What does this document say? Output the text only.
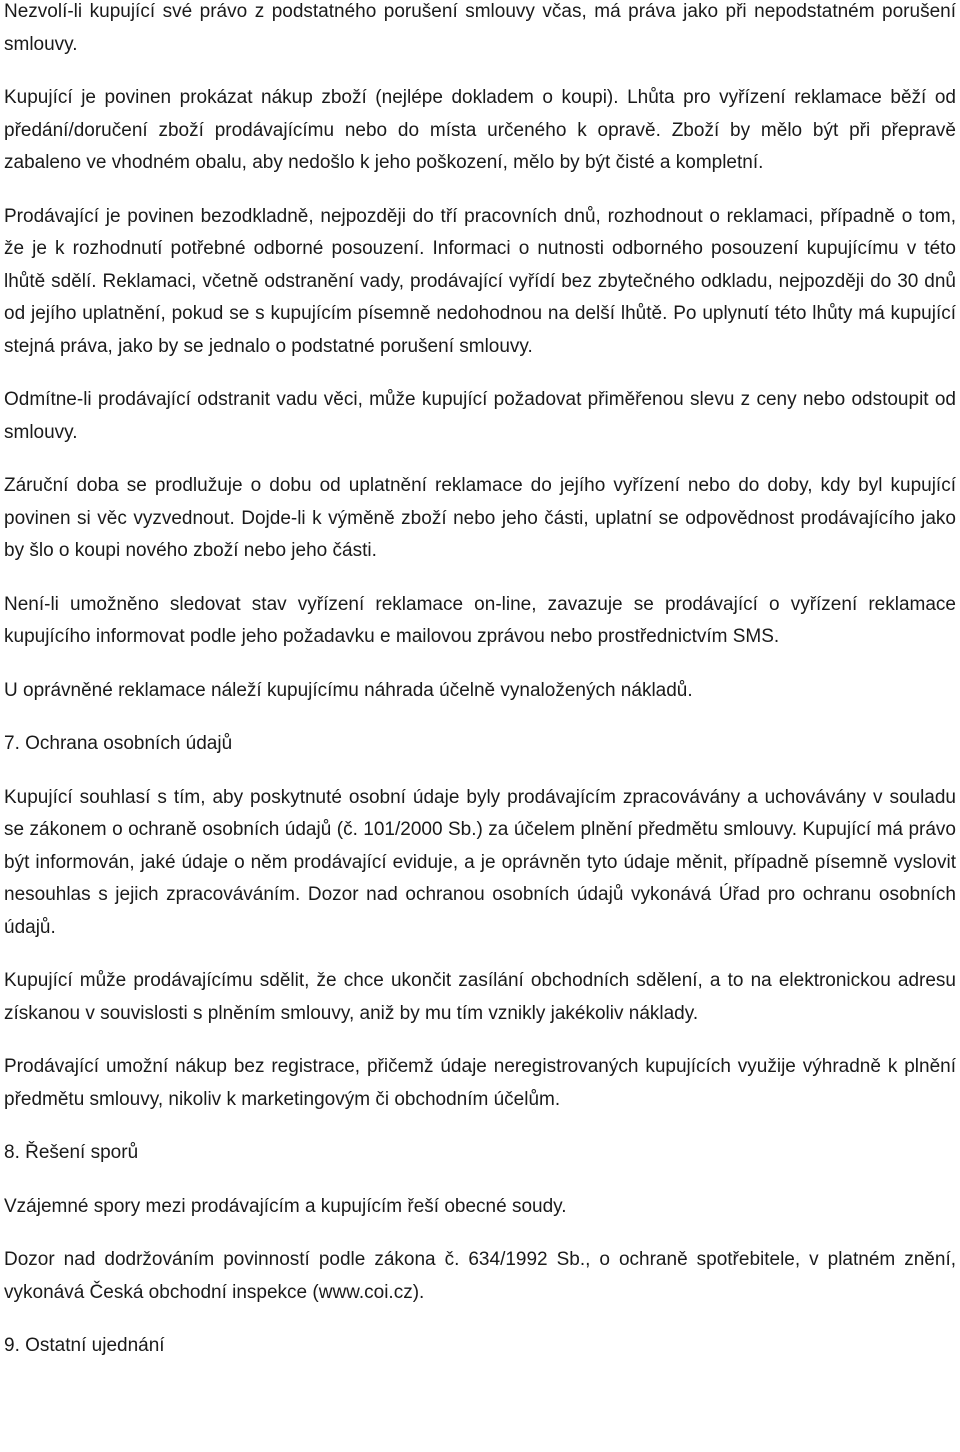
Nezvolí-li kupující své právo z podstatného porušení smlouvy včas, má práva jako při nepodstatném porušení smlouvy.

Kupující je povinen prokázat nákup zboží (nejlépe dokladem o koupi). Lhůta pro vyřízení reklamace běží od předání/doručení zboží prodávajícímu nebo do místa určeného k opravě. Zboží by mělo být při přepravě zabaleno ve vhodném obalu, aby nedošlo k jeho poškození, mělo by být čisté a kompletní.

Prodávající je povinen bezodkladně, nejpozději do tří pracovních dnů, rozhodnout o reklamaci, případně o tom, že je k rozhodnutí potřebné odborné posouzení. Informaci o nutnosti odborného posouzení kupujícímu v této lhůtě sdělí. Reklamaci, včetně odstranění vady, prodávající vyřídí bez zbytečného odkladu, nejpozději do 30 dnů od jejího uplatnění, pokud se s kupujícím písemně nedohodnou na delší lhůtě. Po uplynutí této lhůty má kupující stejná práva, jako by se jednalo o podstatné porušení smlouvy.

Odmítne-li prodávající odstranit vadu věci, může kupující požadovat přiměřenou slevu z ceny nebo odstoupit od smlouvy.

Záruční doba se prodlužuje o dobu od uplatnění reklamace do jejího vyřízení nebo do doby, kdy byl kupující povinen si věc vyzvednout. Dojde-li k výměně zboží nebo jeho části, uplatní se odpovědnost prodávajícího jako by šlo o koupi nového zboží nebo jeho části.

Není-li umožněno sledovat stav vyřízení reklamace on-line, zavazuje se prodávající o vyřízení reklamace kupujícího informovat podle jeho požadavku e mailovou zprávou nebo prostřednictvím SMS.

U oprávněné reklamace náleží kupujícímu náhrada účelně vynaložených nákladů.

7. Ochrana osobních údajů

Kupující souhlasí s tím, aby poskytnuté osobní údaje byly prodávajícím zpracovávány a uchovávány v souladu se zákonem o ochraně osobních údajů (č. 101/2000 Sb.) za účelem plnění předmětu smlouvy. Kupující má právo být informován, jaké údaje o něm prodávající eviduje, a je oprávněn tyto údaje měnit, případně písemně vyslovit nesouhlas s jejich zpracováváním. Dozor nad ochranou osobních údajů vykonává Úřad pro ochranu osobních údajů.

Kupující může prodávajícímu sdělit, že chce ukončit zasílání obchodních sdělení, a to na elektronickou adresu získanou v souvislosti s plněním smlouvy, aniž by mu tím vznikly jakékoliv náklady.

Prodávající umožní nákup bez registrace, přičemž údaje neregistrovaných kupujících využije výhradně k plnění předmětu smlouvy, nikoliv k marketingovým či obchodním účelům.

8. Řešení sporů

Vzájemné spory mezi prodávajícím a kupujícím řeší obecné soudy.

Dozor nad dodržováním povinností podle zákona č. 634/1992 Sb., o ochraně spotřebitele, v platném znění, vykonává Česká obchodní inspekce (www.coi.cz).

9. Ostatní ujednání
